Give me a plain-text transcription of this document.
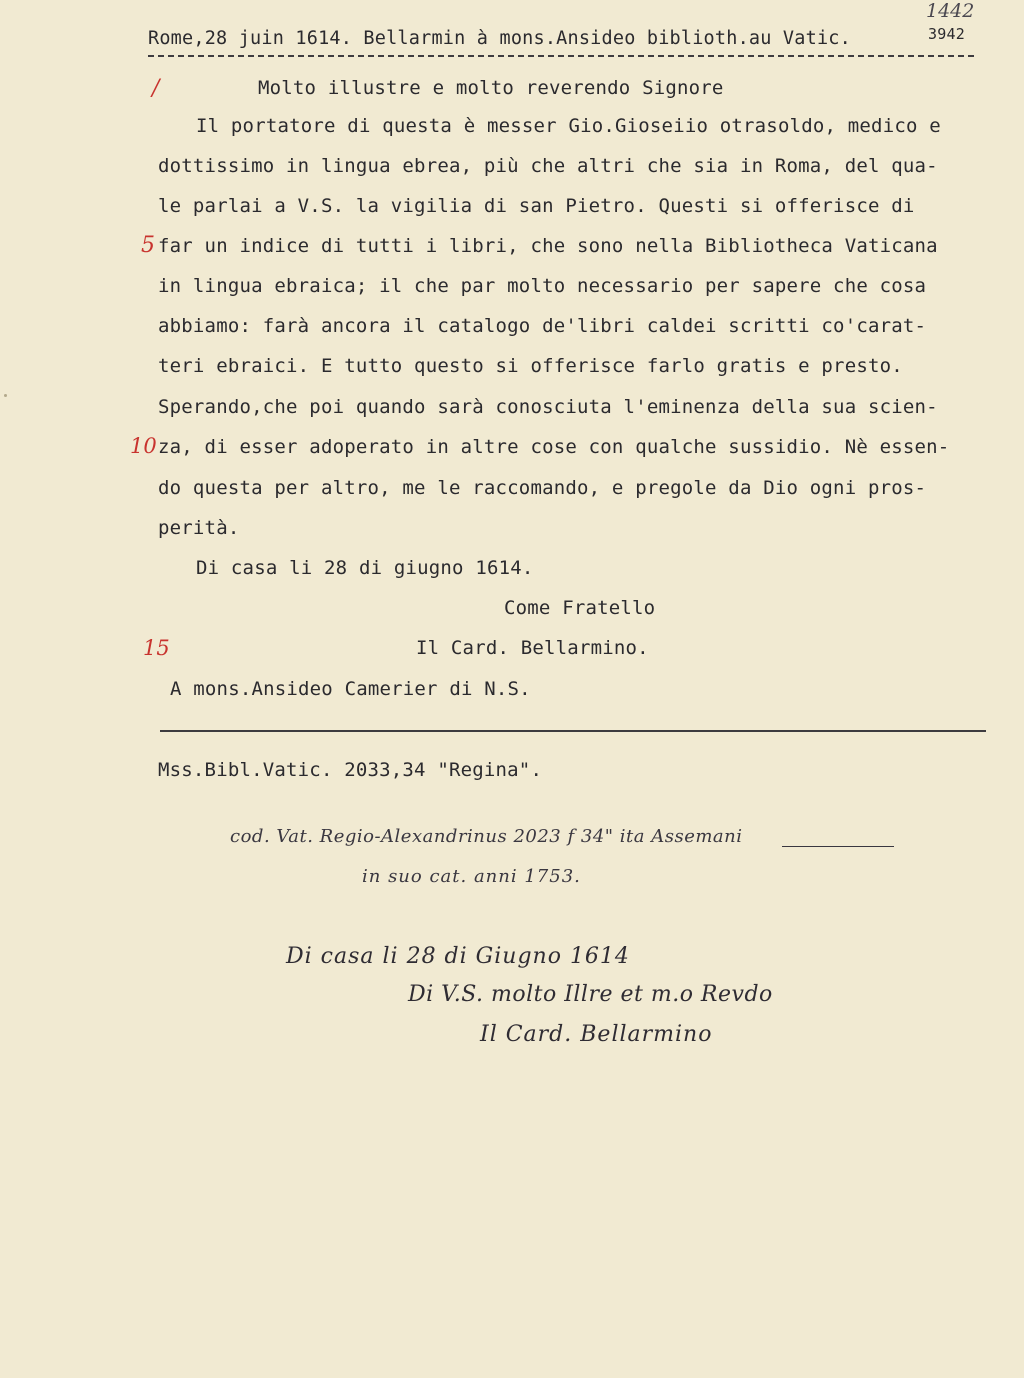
Rome,28 juin 1614. Bellarmin à mons.Ansideo biblioth.au Vatic.	3942

1442

/

5

10

15

Molto illustre e molto reverendo Signore

Il portatore di questa è messer Gio.Gioseiio otrasoldo, medico e

dottissimo in lingua ebrea, più che altri che sia in Roma, del qua-

le parlai a V.S. la vigilia di san Pietro. Questi si offerisce di

far un indice di tutti i libri, che sono nella Bibliotheca Vaticana

in lingua ebraica; il che par molto necessario per sapere che cosa

abbiamo: farà ancora il catalogo de'libri caldei scritti co'carat-

teri ebraici. E tutto questo si offerisce farlo gratis e presto.

Sperando,che poi quando sarà conosciuta l'eminenza della sua scien-

za, di esser adoperato in altre cose con qualche sussidio. Nè essen-

do questa per altro, me le raccomando, e pregole da Dio ogni pros-

perità.

Di casa li 28 di giugno 1614.

Come Fratello

Il Card. Bellarmino.

A mons.Ansideo Camerier di N.S.

Mss.Bibl.Vatic. 2033,34 "Regina".

cod. Vat. Regio-Alexandrinus 2023 f 34" ita Assemani

in suo cat. anni 1753.

Di casa li 28 di Giugno 1614

Di V.S. molto Illre et m.o Revdo

Il Card. Bellarmino
